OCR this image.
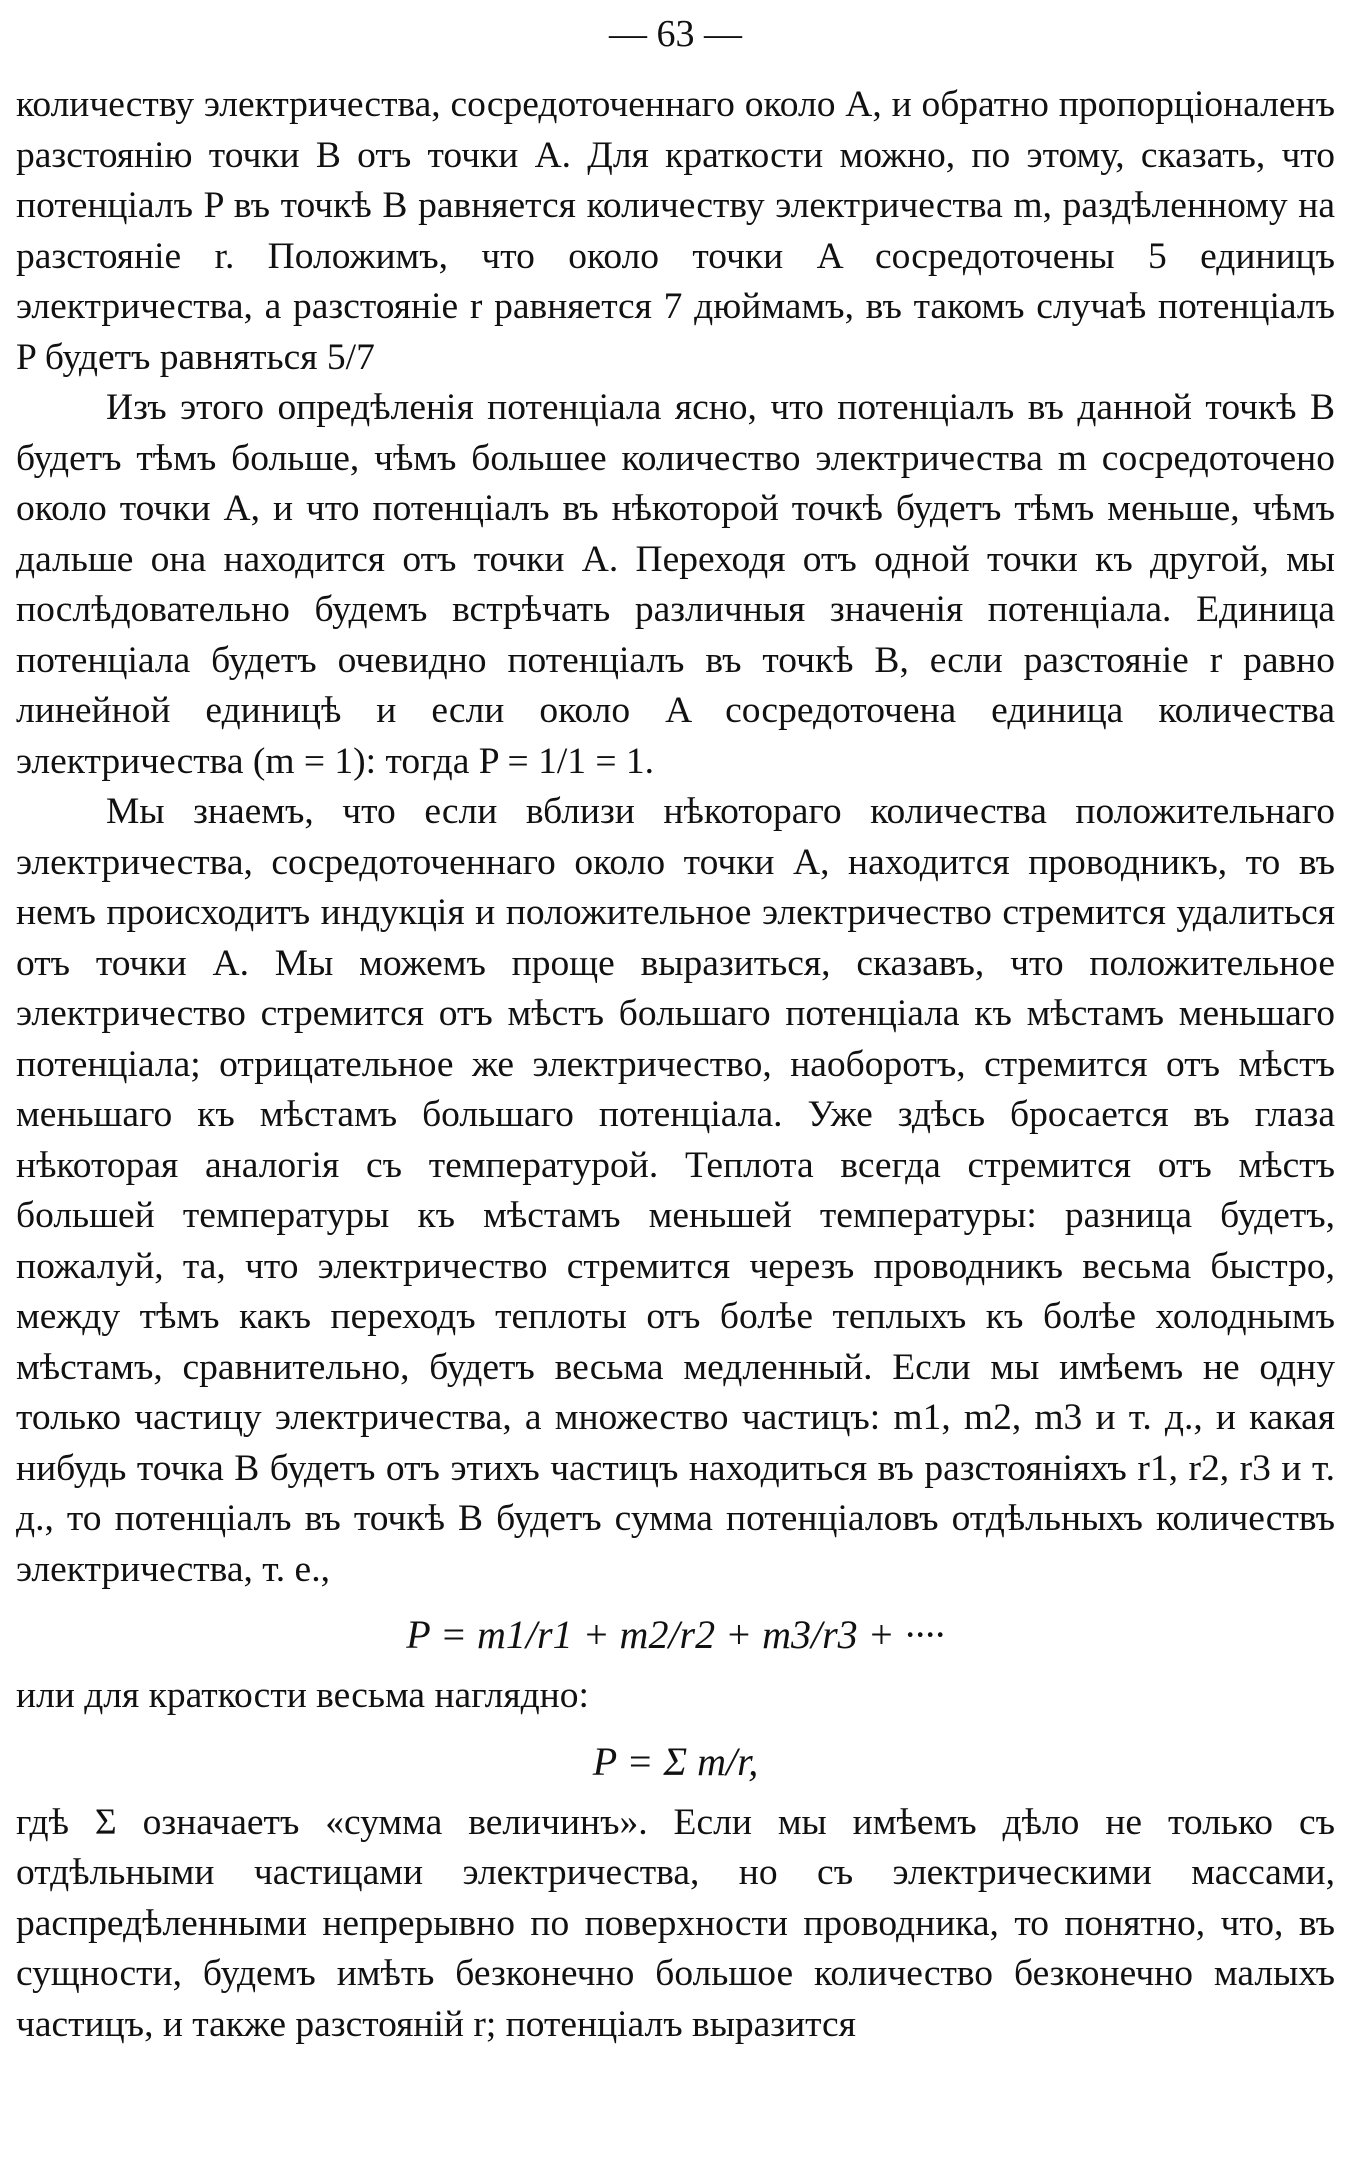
— 63 —

количеству электричества, сосредоточеннаго около A, и обратно пропорціоналенъ разстоянію точки B отъ точки A. Для краткости можно, по этому, сказать, что потенціалъ P въ точкѣ B равняется количеству электричества m, раздѣленному на разстояніе r. Положимъ, что около точки A сосредоточены 5 единицъ электричества, а разстояніе r равняется 7 дюймамъ, въ такомъ случаѣ потенціалъ P будетъ равняться 5/7

Изъ этого опредѣленія потенціала ясно, что потенціалъ въ данной точкѣ B будетъ тѣмъ больше, чѣмъ большее количество электричества m сосредоточено около точки A, и что потенціалъ въ нѣкоторой точкѣ будетъ тѣмъ меньше, чѣмъ дальше она находится отъ точки A. Переходя отъ одной точки къ другой, мы послѣдовательно будемъ встрѣчать различныя значенія потенціала. Единица потенціала будетъ очевидно потенціалъ въ точкѣ B, если разстояніе r равно линейной единицѣ и если около A сосредоточена единица количества электричества (m = 1): тогда P = 1/1 = 1.

Мы знаемъ, что если вблизи нѣкотораго количества положительнаго электричества, сосредоточеннаго около точки A, находится проводникъ, то въ немъ происходитъ индукція и положительное электричество стремится удалиться отъ точки A. Мы можемъ проще выразиться, сказавъ, что положительное электричество стремится отъ мѣстъ большаго потенціала къ мѣстамъ меньшаго потенціала; отрицательное же электричество, наоборотъ, стремится отъ мѣстъ меньшаго къ мѣстамъ большаго потенціала. Уже здѣсь бросается въ глаза нѣкоторая аналогія съ температурой. Теплота всегда стремится отъ мѣстъ большей температуры къ мѣстамъ меньшей температуры: разница будетъ, пожалуй, та, что электричество стремится черезъ проводникъ весьма быстро, между тѣмъ какъ переходъ теплоты отъ болѣе теплыхъ къ болѣе холоднымъ мѣстамъ, сравнительно, будетъ весьма медленный. Если мы имѣемъ не одну только частицу электричества, а множество частицъ: m1, m2, m3 и т. д., и какая нибудь точка B будетъ отъ этихъ частицъ находиться въ разстояніяхъ r1, r2, r3 и т. д., то потенціалъ въ точкѣ B будетъ сумма потенціаловъ отдѣльныхъ количествъ электричества, т. е.,

P = m1/r1 + m2/r2 + m3/r3 + ····

или для краткости весьма наглядно:

P = Σ m/r,

гдѣ Σ означаетъ «сумма величинъ». Если мы имѣемъ дѣло не только съ отдѣльными частицами электричества, но съ электрическими массами, распредѣленными непрерывно по поверхности проводника, то понятно, что, въ сущности, будемъ имѣть безконечно большое количество безконечно малыхъ частицъ, и также разстояній r; потенціалъ выразится
